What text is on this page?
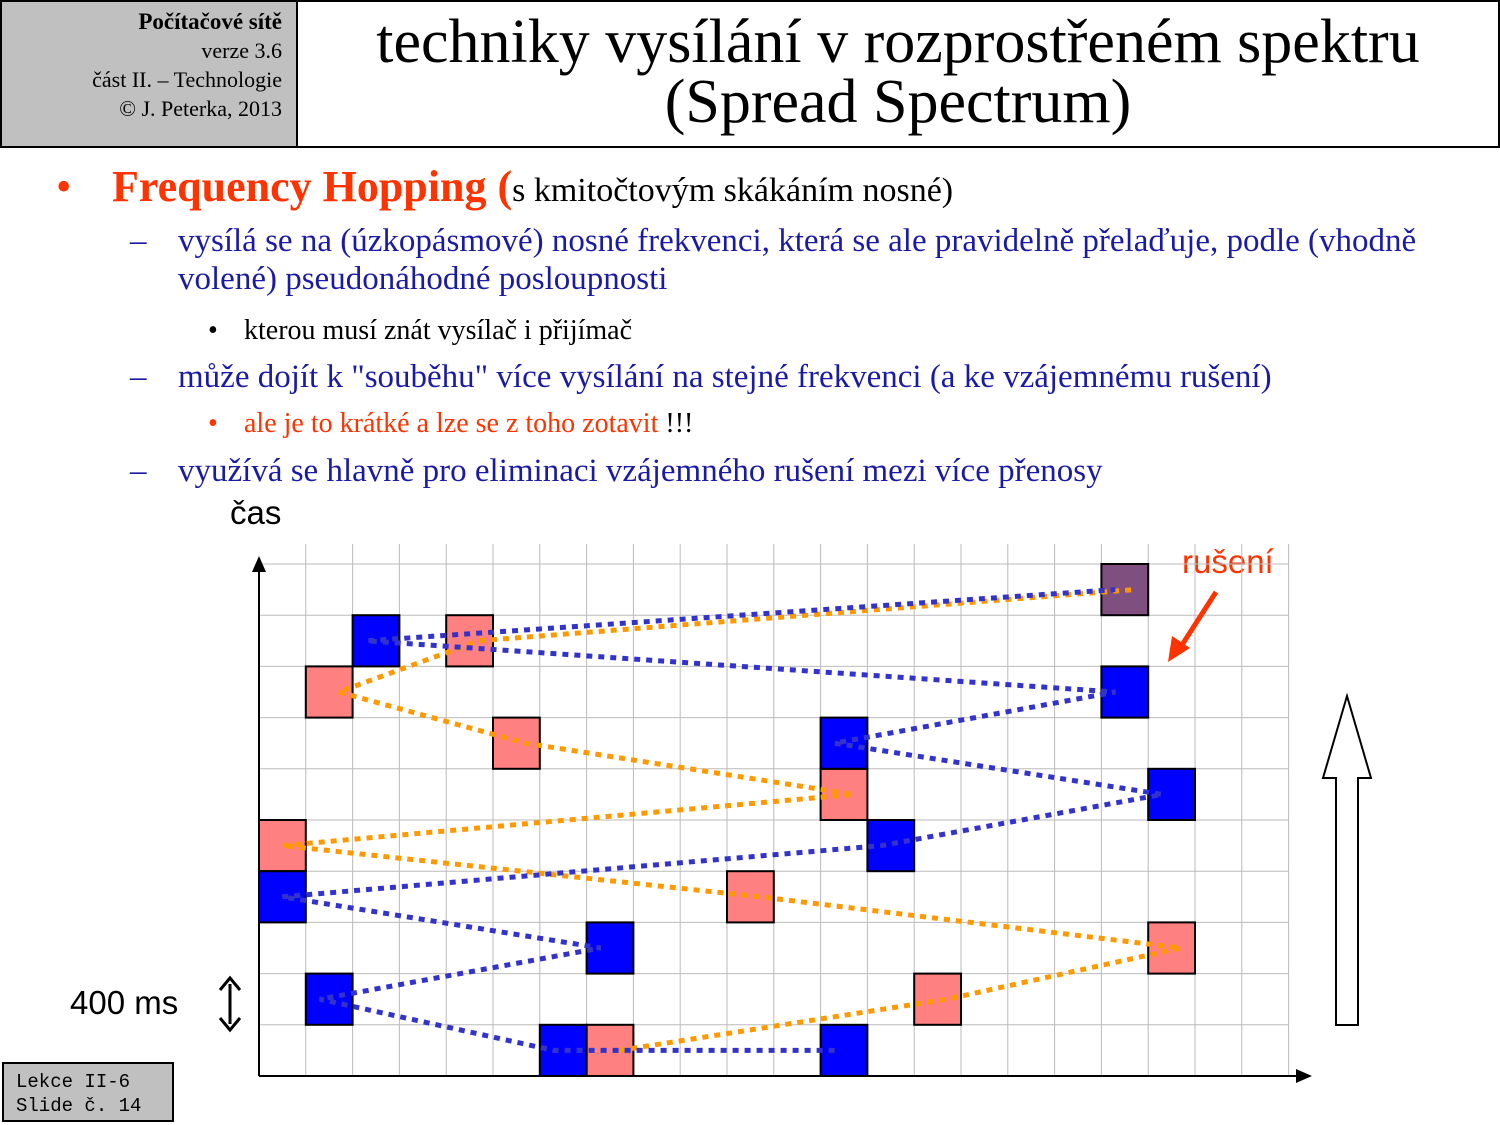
Počítačové sítě
verze 3.6
část II. – Technologie
© J. Peterka, 2013
techniky vysílání v rozprostřeném spektru
(Spread Spectrum)
• Frequency Hopping (s kmitočtovým skákáním nosné)
– vysílá se na (úzkopásmové) nosné frekvenci, která se ale pravidelně přelaďuje, podle (vhodně volené) pseudonáhodné posloupnosti
• kterou musí znát vysílač i přijímač
– může dojít k "souběhu" více vysílání na stejné frekvenci (a ke vzájemnému rušení)
• ale je to krátké a lze se z toho zotavit !!!
– využívá se hlavně pro eliminaci vzájemného rušení mezi více přenosy
čas
rušení
400 ms
Lekce II-6
Slide č. 14
